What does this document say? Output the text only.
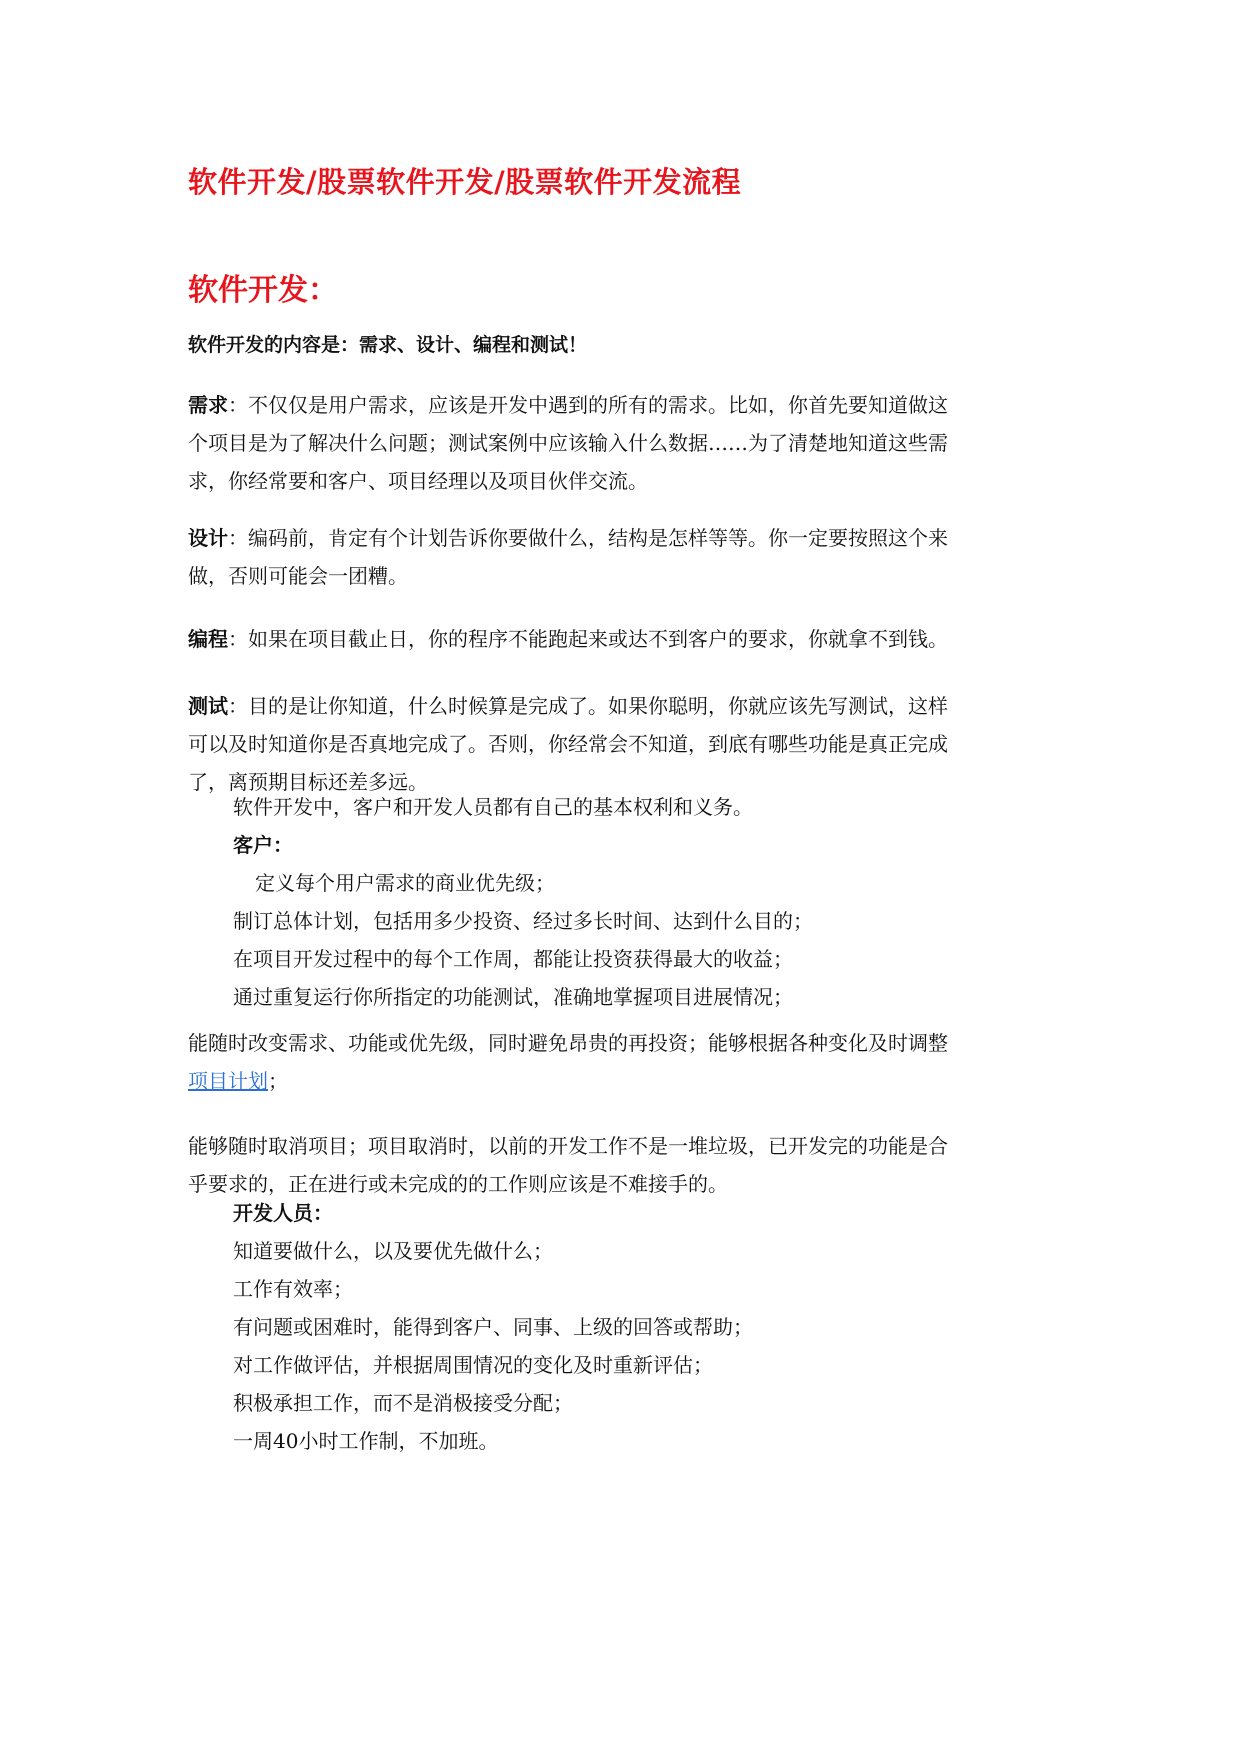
软件开发/股票软件开发/股票软件开发流程
软件开发：
软件开发的内容是：需求、设计、编程和测试！
需求：不仅仅是用户需求，应该是开发中遇到的所有的需求。比如，你首先要知道做这
个项目是为了解决什么问题；测试案例中应该输入什么数据……为了清楚地知道这些需
求，你经常要和客户、项目经理以及项目伙伴交流。
设计：编码前，肯定有个计划告诉你要做什么，结构是怎样等等。你一定要按照这个来
做，否则可能会一团糟。
编程：如果在项目截止日，你的程序不能跑起来或达不到客户的要求，你就拿不到钱。
测试：目的是让你知道，什么时候算是完成了。如果你聪明，你就应该先写测试，这样
可以及时知道你是否真地完成了。否则，你经常会不知道，到底有哪些功能是真正完成
了，离预期目标还差多远。
软件开发中，客户和开发人员都有自己的基本权利和义务。
客户：
定义每个用户需求的商业优先级；
制订总体计划，包括用多少投资、经过多长时间、达到什么目的；
在项目开发过程中的每个工作周，都能让投资获得最大的收益；
通过重复运行你所指定的功能测试，准确地掌握项目进展情况；
能随时改变需求、功能或优先级，同时避免昂贵的再投资；能够根据各种变化及时调整
项目计划；
能够随时取消项目；项目取消时，以前的开发工作不是一堆垃圾，已开发完的功能是合
乎要求的，正在进行或未完成的的工作则应该是不难接手的。
开发人员：
知道要做什么，以及要优先做什么；
工作有效率；
有问题或困难时，能得到客户、同事、上级的回答或帮助；
对工作做评估，并根据周围情况的变化及时重新评估；
积极承担工作，而不是消极接受分配；
一周40小时工作制，不加班。
